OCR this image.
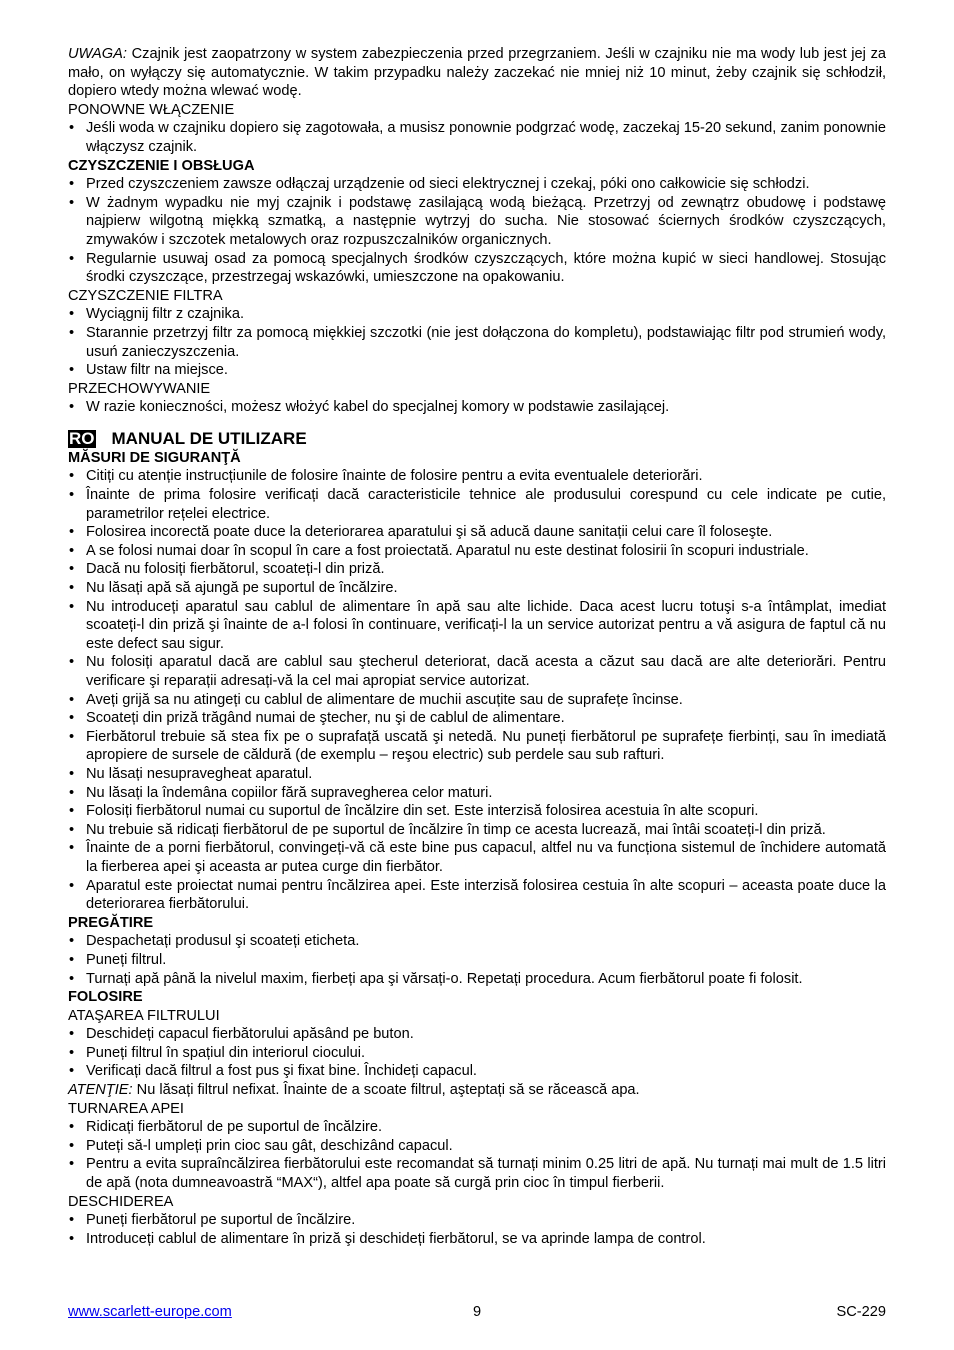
UWAGA: Czajnik jest zaopatrzony w system zabezpieczenia przed przegrzaniem. Jeśli w czajniku nie ma wody lub jest jej za mało, on wyłączy się automatycznie. W takim przypadku należy zaczekać nie mniej niż 10 minut, żeby czajnik się schłodził, dopiero wtedy można wlewać wodę.

PONOWNE WŁĄCZENIE
• Jeśli woda w czajniku dopiero się zagotowała, a musisz ponownie podgrzać wodę, zaczekaj 15-20 sekund, zanim ponownie włączysz czajnik.
CZYSZCZENIE I OBSŁUGA
• Przed czyszczeniem zawsze odłączaj urządzenie od sieci elektrycznej i czekaj, póki ono całkowicie się schłodzi.
• W żadnym wypadku nie myj czajnik i podstawę zasilającą wodą bieżącą. Przetrzyj od zewnątrz obudowę i podstawę najpierw wilgotną miękką szmatką, a następnie wytrzyj do sucha. Nie stosować ściernych środków czyszczących, zmywaków i szczotek metalowych oraz rozpuszczalników organicznych.
• Regularnie usuwaj osad za pomocą specjalnych środków czyszczących, które można kupić w sieci handlowej. Stosując środki czyszczące, przestrzegaj wskazówki, umieszczone na opakowaniu.
CZYSZCZENIE FILTRA
• Wyciągnij filtr z czajnika.
• Starannie przetrzyj filtr za pomocą miękkiej szczotki (nie jest dołączona do kompletu), podstawiając filtr pod strumień wody, usuń zanieczyszczenia.
• Ustaw filtr na miejsce.
PRZECHOWYWANIE
• W razie konieczności, możesz włożyć kabel do specjalnej komory w podstawie zasilającej.
RO MANUAL DE UTILIZARE
MĂSURI DE SIGURANŢĂ
• Citiți cu atenție instrucțiunile de folosire înainte de folosire pentru a evita eventualele deteriorări.
• Înainte de prima folosire verificați dacă caracteristicile tehnice ale produsului corespund cu cele indicate pe cutie, parametrilor rețelei electrice.
• Folosirea incorectă poate duce la deteriorarea aparatului şi să aducă daune sanitații celui care îl foloseşte.
• A se folosi numai doar în scopul în care a fost proiectată. Aparatul nu este destinat folosirii în scopuri industriale.
• Dacă nu folosiți fierbătorul, scoateți-l din priză.
• Nu lăsați apă să ajungă pe suportul de încălzire.
• Nu introduceți aparatul sau cablul de alimentare în apă sau alte lichide. Daca acest lucru totuşi s-a întâmplat, imediat scoateți-l din priză şi înainte de a-l folosi în continuare, verificați-l la un service autorizat pentru a vă asigura de faptul că nu este defect sau sigur.
• Nu folosiți aparatul dacă are cablul sau ştecherul deteriorat, dacă acesta a căzut sau dacă are alte deteriorări. Pentru verificare şi reparații adresați-vă la cel mai apropiat service autorizat.
• Aveți grijă sa nu atingeți cu cablul de alimentare de muchii ascuțite sau de suprafețe încinse.
• Scoateți din priză trăgând numai de ştecher, nu şi de cablul de alimentare.
• Fierbătorul trebuie să stea fix pe o suprafață uscată şi netedă. Nu puneți fierbătorul pe suprafețe fierbinți, sau în imediată apropiere de sursele de căldură (de exemplu – reşou electric) sub perdele sau sub rafturi.
• Nu lăsați nesupravegheat aparatul.
• Nu lăsați la îndemâna copiilor fără supravegherea celor maturi.
• Folosiți fierbătorul numai cu suportul de încălzire din set. Este interzisă folosirea acestuia în alte scopuri.
• Nu trebuie să ridicați fierbătorul de pe suportul de încălzire în timp ce acesta lucrează, mai întâi scoateți-l din priză.
• Înainte de a porni fierbătorul, convingeți-vă că este bine pus capacul, altfel nu va funcționa sistemul de închidere automată la fierberea apei şi aceasta ar putea curge din fierbător.
• Aparatul este proiectat numai pentru încălzirea apei. Este interzisă folosirea cestuia în alte scopuri – aceasta poate duce la deteriorarea fierbătorului.
PREGĂTIRE
• Despachetați produsul şi scoateți eticheta.
• Puneți filtrul.
• Turnați apă până la nivelul maxim, fierbeți apa şi vărsați-o. Repetați procedura. Acum fierbătorul poate fi folosit.
FOLOSIRE
ATAŞAREA FILTRULUI
• Deschideți capacul fierbătorului apăsând pe buton.
• Puneți filtrul în spațiul din interiorul ciocului.
• Verificați dacă filtrul a fost pus şi fixat bine. Închideți capacul.

ATENŢIE: Nu lăsați filtrul nefixat. Înainte de a scoate filtrul, aşteptați să se răcească apa.

TURNAREA APEI
• Ridicați fierbătorul de pe suportul de încălzire.
• Puteți să-l umpleți prin cioc sau gât, deschizând capacul.
• Pentru a evita supraîncălzirea fierbătorului este recomandat să turnați minim 0.25 litri de apă. Nu turnați mai mult de 1.5 litri de apă (nota dumneavoastră “MAX“), altfel apa poate să curgă prin cioc în timpul fierberii.
DESCHIDEREA
• Puneți fierbătorul pe suportul de încălzire.
• Introduceți cablul de alimentare în priză şi deschideți fierbătorul, se va aprinde lampa de control.
9
www.scarlett-europe.com	SC-229
